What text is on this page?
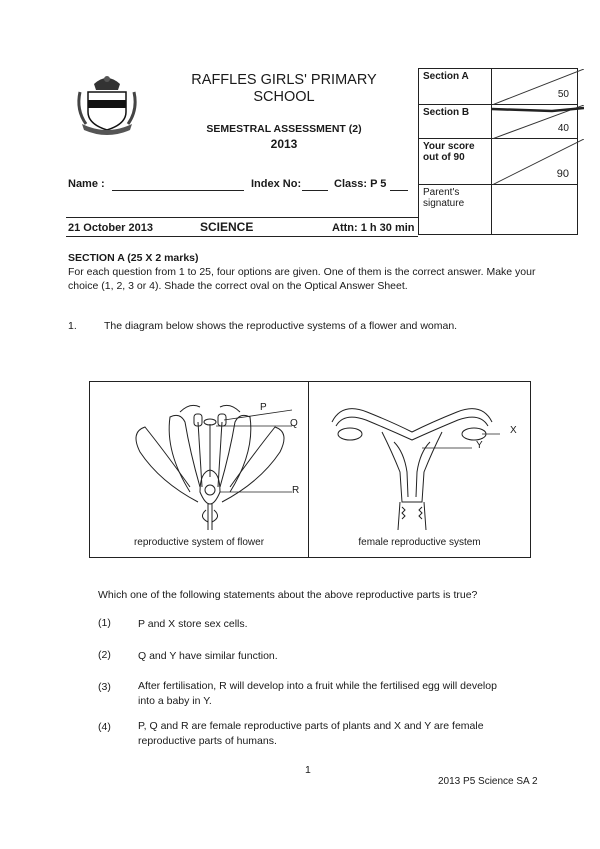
RAFFLES GIRLS' PRIMARY
SCHOOL
SEMESTRAL ASSESSMENT (2)
2013
Name :	Index No:	Class: P 5
21 October 2013	SCIENCE	Attn: 1 h 30 min
Section A	50

Section B	40

Your score out of 90	90

Parent's signature	
SECTION A (25 X 2 marks)
For each question from 1 to 25, four options are given. One of them is the correct answer. Make your choice (1, 2, 3 or 4). Shade the correct oval on the Optical Answer Sheet.
1.	The diagram below shows the reproductive systems of a flower and woman.
P
Q
R
X
Y
reproductive system of flower	female reproductive system
Which one of the following statements about the above reproductive parts is true?
(1)	P and X store sex cells.
(2)	Q and Y have similar function.
(3)	After fertilisation, R will develop into a fruit while the fertilised egg will develop into a baby in Y.
(4)	P, Q and R are female reproductive parts of plants and X and Y are female reproductive parts of humans.
1
2013 P5 Science SA 2
